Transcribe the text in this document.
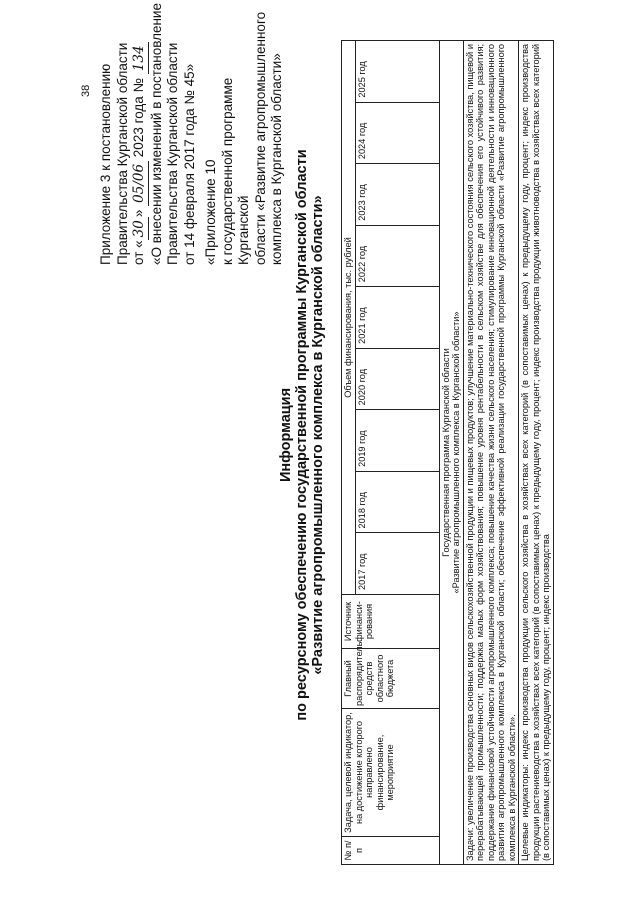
38 Приложение 3 к постановлению Правительства Курганской области от «30» 05/06 2023 года № 134 «О внесении изменений в постановление Правительства Курганской области от 14 февраля 2017 года № 45» «Приложение 10 к государственной программе Курганской области «Развитие агропромышленного комплекса в Курганской области»
Информация по ресурсному обеспечению государственной программы Курганской области «Развитие агропромышленного комплекса в Курганской области»
№ п/п	Задача, целевой индикатор, на достижение которого направлено финансирование, мероприятие	Главный распорядитель средств областного бюджета	Источник финанси-рования	Объем финансирования, тыс. рублей								
				2017 год	2018 год	2019 год	2020 год	2021 год	2022 год	2023 год	2024 год	2025 год

Государственная программа Курганской области «Развитие агропромышленного комплекса в Курганской области»												

Задачи: увеличение производства основных видов сельскохозяйственной продукции и пищевых продуктов; улучшение материально-технического состояния сельского хозяйства, пищевой и перерабатывающей промышленности; поддержка малых форм хозяйствования; повышение уровня рентабельности в сельском хозяйстве для обеспечения его устойчивого развития; поддержание финансовой устойчивости агропромышленного комплекса; повышение качества жизни сельского населения; стимулирование инновационной деятельности и инновационного развития агропромышленного комплекса в Курганской области; обеспечение эффективной реализации государственной программы Курганской области «Развитие агропромышленного комплекса в Курганской области».												
Целевые индикаторы: индекс производства продукции сельского хозяйства в хозяйствах всех категорий (в сопоставимых ценах) к предыдущему году, процент; индекс производства продукции растениеводства в хозяйствах всех категорий (в сопоставимых ценах) к предыдущему году, процент; индекс производства продукции животноводства в хозяйствах всех категорий (в сопоставимых ценах) к предыдущему году, процент; индекс производства												
